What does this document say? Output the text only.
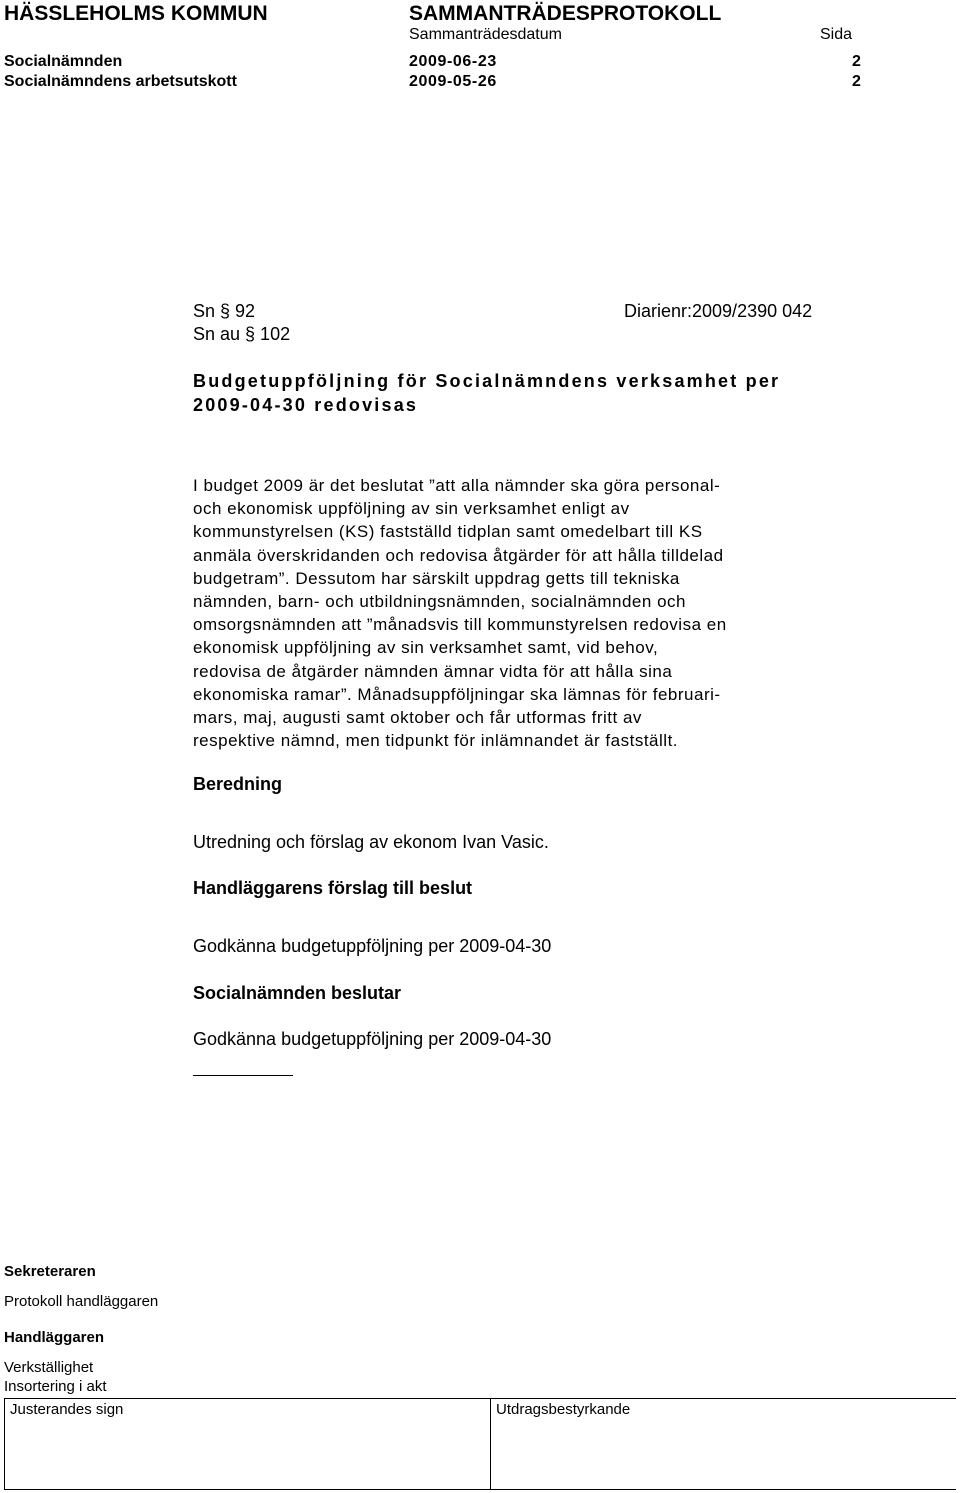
HÄSSLEHOLMS KOMMUN	SAMMANTRÄDESPROTOKOLL
Sammanträdesdatum	Sida
Socialnämnden	2009-06-23	2
Socialnämndens arbetsutskott	2009-05-26	2
Sn § 92	Diarienr:2009/2390 042
Sn au § 102
Budgetuppföljning för Socialnämndens verksamhet per
2009-04-30 redovisas
I budget 2009 är det beslutat ”att alla nämnder ska göra personal-
och ekonomisk uppföljning av sin verksamhet enligt av
kommunstyrelsen (KS) fastställd tidplan samt omedelbart till KS
anmäla överskridanden och redovisa åtgärder för att hålla tilldelad
budgetram”. Dessutom har särskilt uppdrag getts till tekniska
nämnden, barn- och utbildningsnämnden, socialnämnden och
omsorgsnämnden att ”månadsvis till kommunstyrelsen redovisa en
ekonomisk uppföljning av sin verksamhet samt, vid behov,
redovisa de åtgärder nämnden ämnar vidta för att hålla sina
ekonomiska ramar”. Månadsuppföljningar ska lämnas för februari-
mars, maj, augusti samt oktober och får utformas fritt av
respektive nämnd, men tidpunkt för inlämnandet är fastställt.
Beredning
Utredning och förslag av ekonom Ivan Vasic.
Handläggarens förslag till beslut
Godkänna budgetuppföljning per 2009-04-30
Socialnämnden beslutar
Godkänna budgetuppföljning per 2009-04-30
Sekreteraren
Protokoll handläggaren
Handläggaren
Verkställighet
Insortering i akt
Justerandes sign	Utdragsbestyrkande
